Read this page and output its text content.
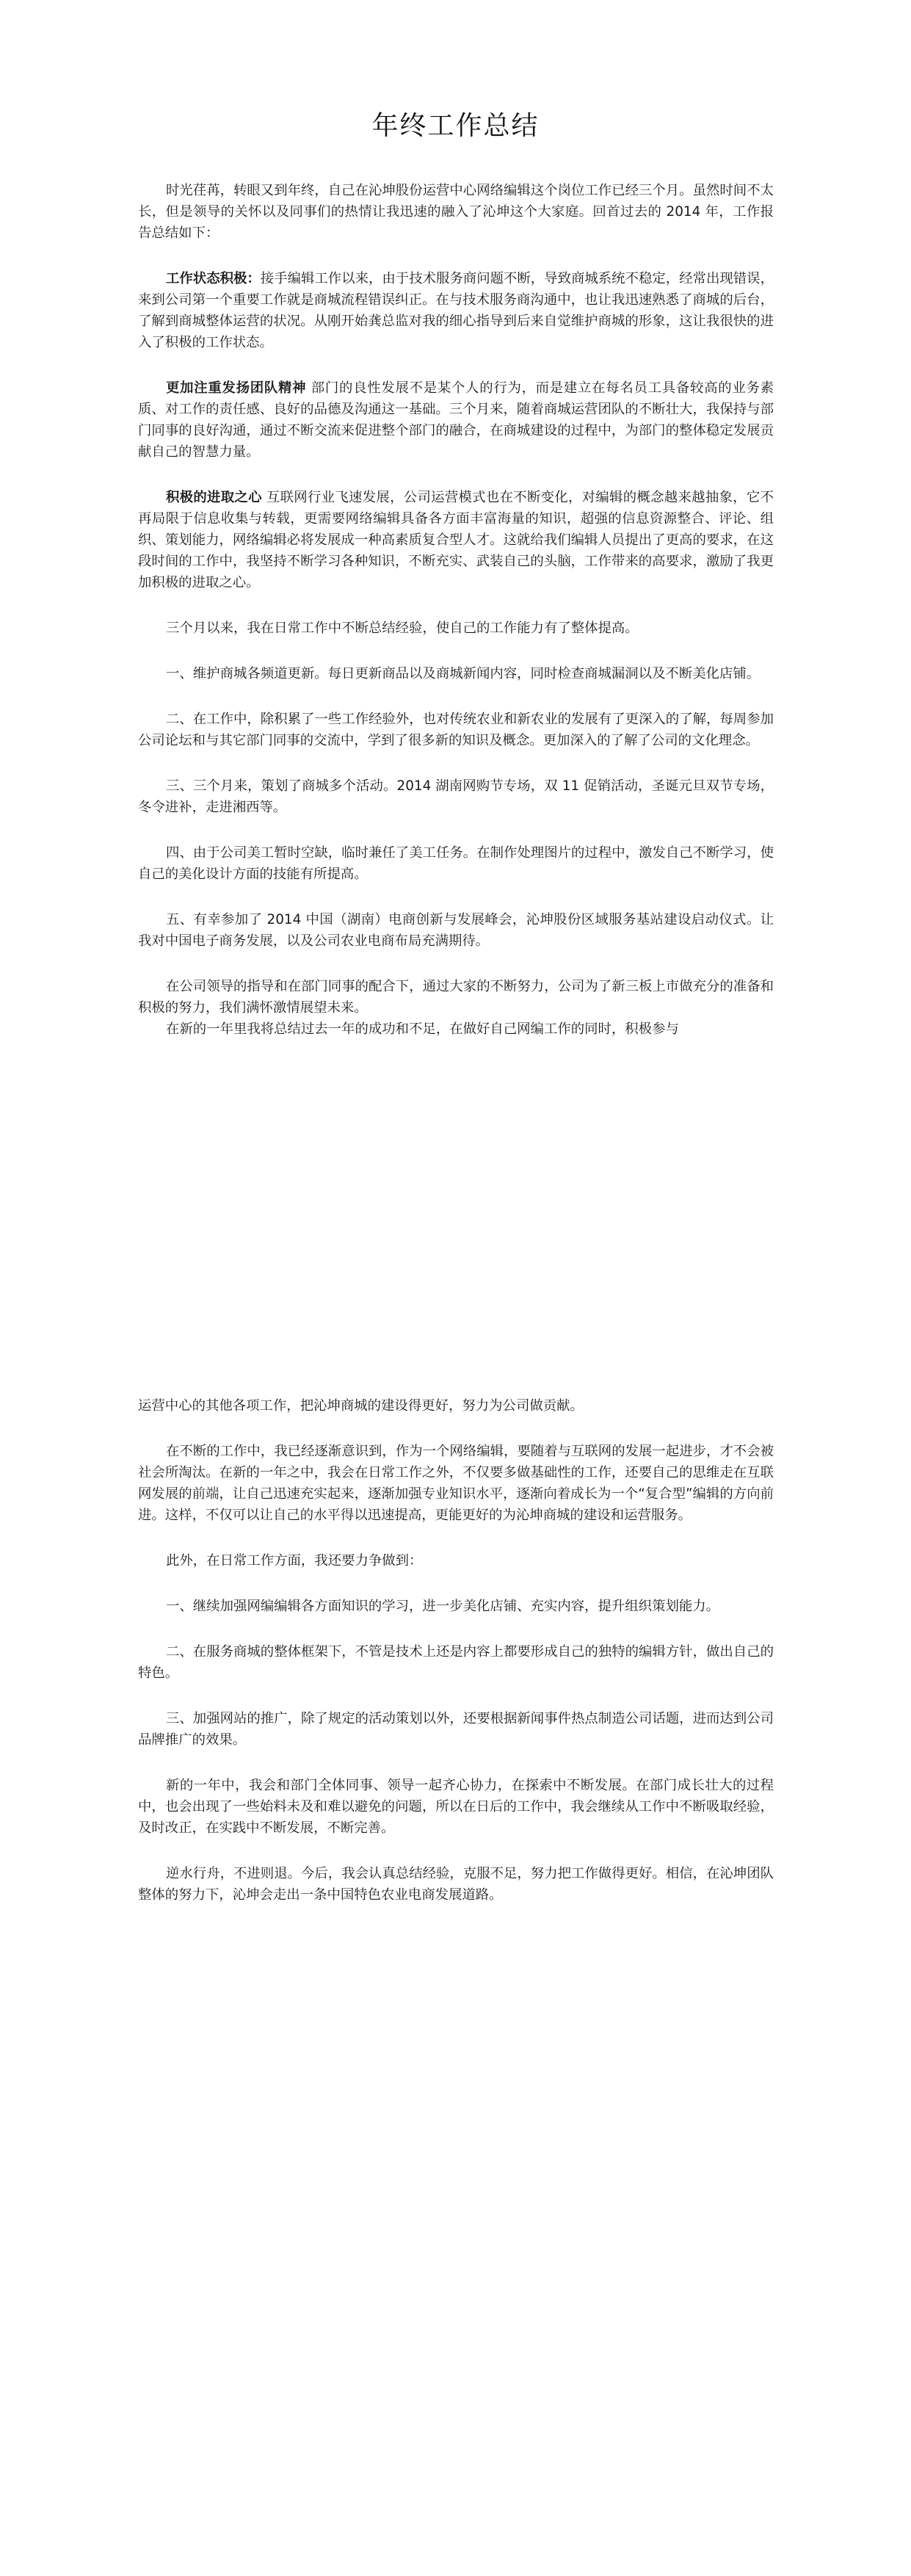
年终工作总结

时光荏苒，转眼又到年终，自己在沁坤股份运营中心网络编辑这个岗位工作已经三个月。虽然时间不太长，但是领导的关怀以及同事们的热情让我迅速的融入了沁坤这个大家庭。回首过去的 2014 年，工作报告总结如下：

工作状态积极：接手编辑工作以来，由于技术服务商问题不断，导致商城系统不稳定，经常出现错误，来到公司第一个重要工作就是商城流程错误纠正。在与技术服务商沟通中，也让我迅速熟悉了商城的后台，了解到商城整体运营的状况。从刚开始龚总监对我的细心指导到后来自觉维护商城的形象，这让我很快的进入了积极的工作状态。

更加注重发扬团队精神 部门的良性发展不是某个人的行为，而是建立在每名员工具备较高的业务素质、对工作的责任感、良好的品德及沟通这一基础。三个月来，随着商城运营团队的不断壮大，我保持与部门同事的良好沟通，通过不断交流来促进整个部门的融合，在商城建设的过程中，为部门的整体稳定发展贡献自己的智慧力量。

积极的进取之心 互联网行业飞速发展，公司运营模式也在不断变化，对编辑的概念越来越抽象，它不再局限于信息收集与转载，更需要网络编辑具备各方面丰富海量的知识，超强的信息资源整合、评论、组织、策划能力，网络编辑必将发展成一种高素质复合型人才。这就给我们编辑人员提出了更高的要求，在这段时间的工作中，我坚持不断学习各种知识，不断充实、武装自己的头脑，工作带来的高要求，激励了我更加积极的进取之心。

三个月以来，我在日常工作中不断总结经验，使自己的工作能力有了整体提高。

一、维护商城各频道更新。每日更新商品以及商城新闻内容，同时检查商城漏洞以及不断美化店铺。

二、在工作中，除积累了一些工作经验外，也对传统农业和新农业的发展有了更深入的了解，每周参加公司论坛和与其它部门同事的交流中，学到了很多新的知识及概念。更加深入的了解了公司的文化理念。

三、三个月来，策划了商城多个活动。2014 湖南网购节专场，双 11 促销活动，圣诞元旦双节专场，冬令进补，走进湘西等。

四、由于公司美工暂时空缺，临时兼任了美工任务。在制作处理图片的过程中，激发自己不断学习，使自己的美化设计方面的技能有所提高。

五、有幸参加了 2014 中国（湖南）电商创新与发展峰会，沁坤股份区域服务基站建设启动仪式。让我对中国电子商务发展，以及公司农业电商布局充满期待。

在公司领导的指导和在部门同事的配合下，通过大家的不断努力，公司为了新三板上市做充分的准备和积极的努力，我们满怀激情展望未来。

在新的一年里我将总结过去一年的成功和不足，在做好自己网编工作的同时，积极参与

运营中心的其他各项工作，把沁坤商城的建设得更好，努力为公司做贡献。

在不断的工作中，我已经逐渐意识到，作为一个网络编辑，要随着与互联网的发展一起进步，才不会被社会所淘汰。在新的一年之中，我会在日常工作之外，不仅要多做基础性的工作，还要自己的思维走在互联网发展的前端，让自己迅速充实起来，逐渐加强专业知识水平，逐渐向着成长为一个“复合型”编辑的方向前进。这样，不仅可以让自己的水平得以迅速提高，更能更好的为沁坤商城的建设和运营服务。

此外，在日常工作方面，我还要力争做到：

一、继续加强网编编辑各方面知识的学习，进一步美化店铺、充实内容，提升组织策划能力。

二、在服务商城的整体框架下，不管是技术上还是内容上都要形成自己的独特的编辑方针，做出自己的特色。

三、加强网站的推广，除了规定的活动策划以外，还要根据新闻事件热点制造公司话题，进而达到公司品牌推广的效果。

新的一年中，我会和部门全体同事、领导一起齐心协力，在探索中不断发展。在部门成长壮大的过程中，也会出现了一些始料未及和难以避免的问题，所以在日后的工作中，我会继续从工作中不断吸取经验，及时改正，在实践中不断发展，不断完善。

逆水行舟，不进则退。今后，我会认真总结经验，克服不足，努力把工作做得更好。相信，在沁坤团队整体的努力下，沁坤会走出一条中国特色农业电商发展道路。
